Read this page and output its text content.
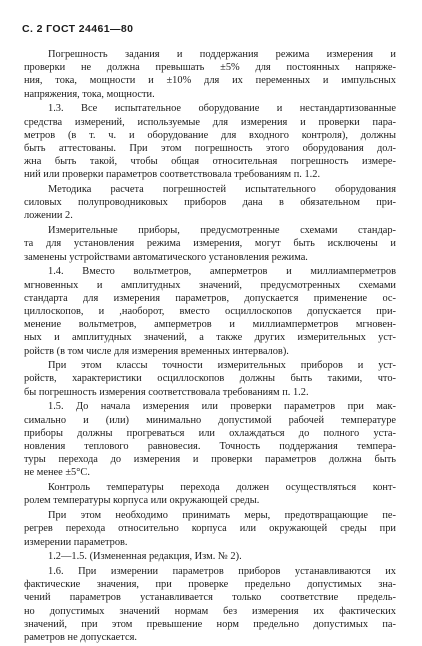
С. 2 ГОСТ 24461—80
Погрешность задания и поддержания режима измерения и
проверки не должна превышать ±5% для постоянных напряже-
ния, тока, мощности и ±10% для их переменных и импульсных
напряжения, тока, мощности.
1.3. Все испытательное оборудование и нестандартизованные
средства измерений, используемые для измерения и проверки пара-
метров (в т. ч. и оборудование для входного контроля), должны
быть аттестованы. При этом погрешность этого оборудования дол-
жна быть такой, чтобы общая относительная погрешность измере-
ний или проверки параметров соответствовала требованиям п. 1.2.
Методика расчета погрешностей испытательного оборудования
силовых полупроводниковых приборов дана в обязательном при-
ложении 2.
Измерительные приборы, предусмотренные схемами стандар-
та для установления режима измерения, могут быть исключены и
заменены устройствами автоматического установления режима.
1.4. Вместо вольтметров, амперметров и миллиамперметров
мгновенных и амплитудных значений, предусмотренных схемами
стандарта для измерения параметров, допускается применение ос-
циллоскопов, и ,наоборот, вместо осциллоскопов допускается при-
менение вольтметров, амперметров и миллиамперметров мгновен-
ных и амплитудных значений, а также других измерительных уст-
ройств (в том числе для измерения временных интервалов).
При этом классы точности измерительных приборов и уст-
ройств, характеристики осциллоскопов должны быть такими, что-
бы погрешность измерения соответствовала требованиям п. 1.2.
1.5. До начала измерения или проверки параметров при мак-
симально и (или) минимально допустимой рабочей температуре
приборы должны прогреваться или охлаждаться до полного уста-
новления теплового равновесия. Точность поддержания темпера-
туры перехода до измерения и проверки параметров должна быть
не менее ±5°С.
Контроль температуры перехода должен осуществляться конт-
ролем температуры корпуса или окружающей среды.
При этом необходимо принимать меры, предотвращающие пе-
регрев перехода относительно корпуса или окружающей среды при
измерении параметров.
1.2—1.5. (Измененная редакция, Изм. № 2).
1.6. При измерении параметров приборов устанавливаются их
фактические значения, при проверке предельно допустимых зна-
чений параметров устанавливается только соответствие предель-
но допустимых значений нормам без измерения их фактических
значений, при этом превышение норм предельно допустимых па-
раметров не допускается.
